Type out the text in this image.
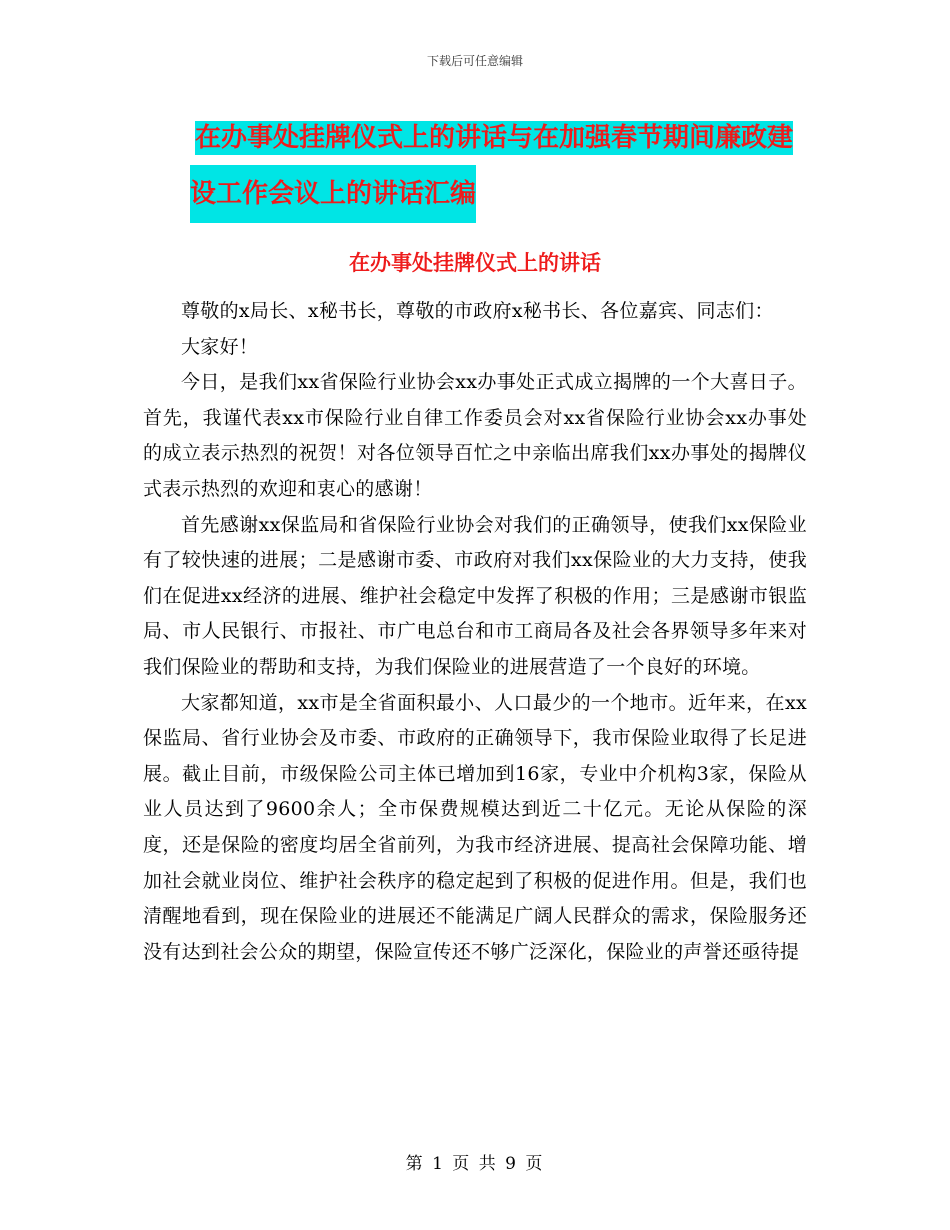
下载后可任意编辑
在办事处挂牌仪式上的讲话与在加强春节期间廉政建
设工作会议上的讲话汇编
在办事处挂牌仪式上的讲话

尊敬的x局长、x秘书长，尊敬的市政府x秘书长、各位嘉宾、同志们：

大家好！

今日，是我们xx省保险行业协会xx办事处正式成立揭牌的一个大喜日子。首先，我谨代表xx市保险行业自律工作委员会对xx省保险行业协会xx办事处的成立表示热烈的祝贺！对各位领导百忙之中亲临出席我们xx办事处的揭牌仪式表示热烈的欢迎和衷心的感谢！

首先感谢xx保监局和省保险行业协会对我们的正确领导，使我们xx保险业有了较快速的进展；二是感谢市委、市政府对我们xx保险业的大力支持，使我们在促进xx经济的进展、维护社会稳定中发挥了积极的作用；三是感谢市银监局、市人民银行、市报社、市广电总台和市工商局各及社会各界领导多年来对我们保险业的帮助和支持，为我们保险业的进展营造了一个良好的环境。

大家都知道，xx市是全省面积最小、人口最少的一个地市。近年来，在xx保监局、省行业协会及市委、市政府的正确领导下，我市保险业取得了长足进展。截止目前，市级保险公司主体已增加到16家，专业中介机构3家，保险从业人员达到了9600余人；全市保费规模达到近二十亿元。无论从保险的深度，还是保险的密度均居全省前列，为我市经济进展、提高社会保障功能、增加社会就业岗位、维护社会秩序的稳定起到了积极的促进作用。但是，我们也清醒地看到，现在保险业的进展还不能满足广阔人民群众的需求，保险服务还没有达到社会公众的期望，保险宣传还不够广泛深化，保险业的声誉还亟待提

第 1 页 共 9 页
